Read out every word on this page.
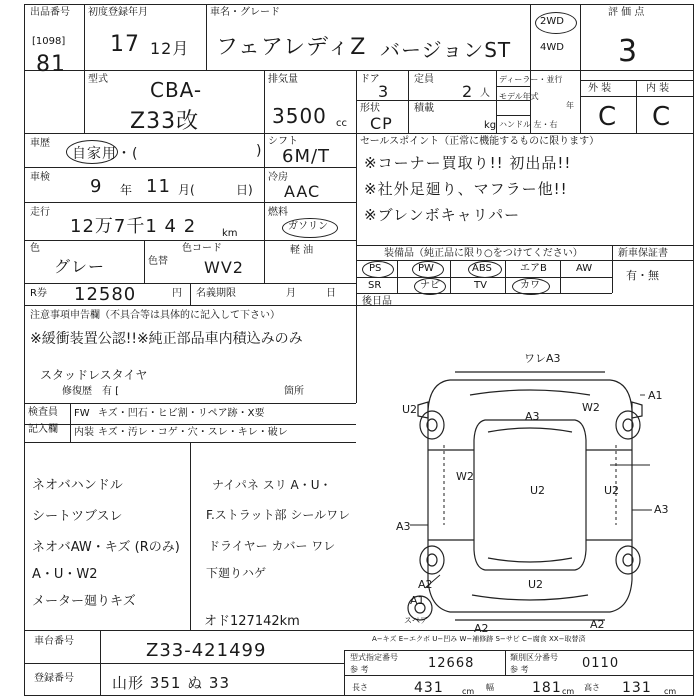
出品番号
[1098]
81
初度登録年月
17 12月
車名・グレード
フェアレディZ バージョンST
2WD
4WD
評 価 点
3
型式 CBA-
Z33改
排気量
3500 cc
ドア
3
定員
2 人
形状
CP
積載
kg
ディーラー・並行
モデル年式
年
ハンドル 左・右
外 装	内 装
C C
車歴
自家用・(	)
車検 9 年 11 月(	日)
走行
12万7千1 4 2	km
色
グレー	色替
色コード
WV2
R券 12580	円 名義期限	月	日
シフト
6M/T
冷房
AAC
燃料
ガソリン
軽 油
セールスポイント（正常に機能するものに限ります）
※コーナー買取り!! 初出品!!
※社外足廻り、マフラー他!!
※ブレンボキャリパー
装備品（純正品に限り○をつけてください）	新車保証書
有・無
後日品
PS	PW	ABS	エアB	AW
SR	ナビ	TV	カワ
注意事項申告欄（不具合等は具体的に記入して下さい）
※緩衝装置公認!!※純正部品車内積込みのみ
スタッドレスタイヤ
修復歴 有 [	箇所
検査員
記入欄
FW キズ・凹石・ヒビ割・リペア跡・X要
内装 キズ・汚レ・コゲ・穴・スレ・キレ・破レ
ネオバハンドル
シートツブスレ
ネオバAW・キズ (Rのみ)
A・U・W2
メーター廻りキズ
ナイパネ スリ A・U・
F.ストラット部 シールワレ
ドライヤー カバー ワレ
下廻りハゲ
オド127142km
ワレA3
A1
W2
U2
A3
W2
U2	U2
A3
A3
A2	U2
A2	A2
A1
スペア
A−キズ E−エクボ U−凹み W−補修跡 S−サビ C−腐食 XX−取替済
車台番号	Z33-421499
登録番号	山形 351 ぬ 33
型式指定番号
参 考	12668	類別区分番号
参 考	0110
長さ	431 cm 幅	181 cm 高さ 131 cm
